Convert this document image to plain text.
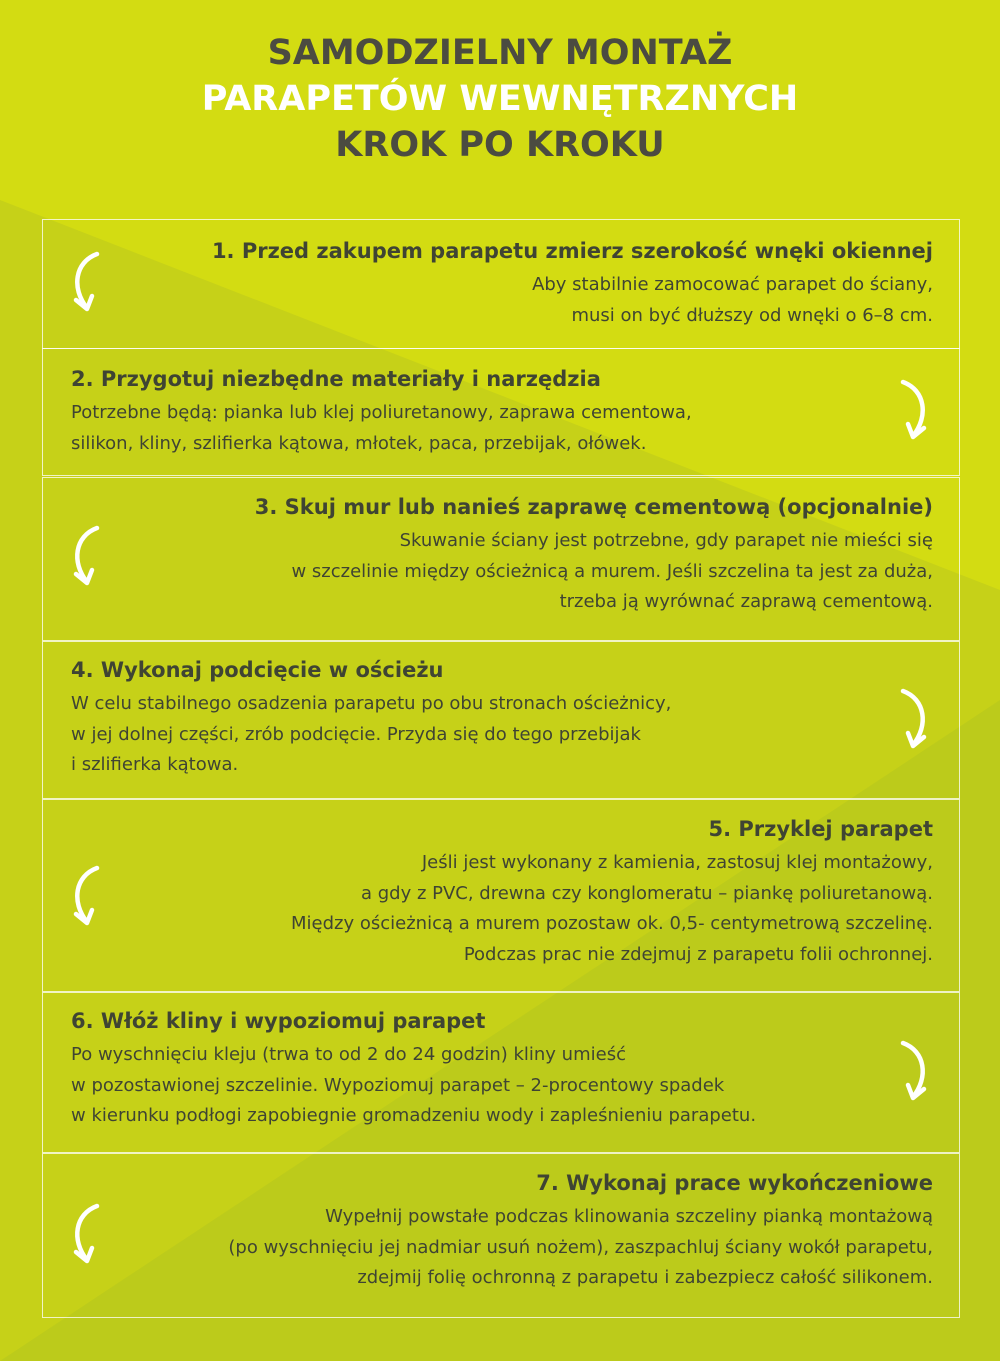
SAMODZIELNY MONTAŻ
PARAPETÓW WEWNĘTRZNYCH
KROK PO KROKU
1. Przed zakupem parapetu zmierz szerokość wnęki okiennej
Aby stabilnie zamocować parapet do ściany,
musi on być dłuższy od wnęki o 6–8 cm.
2. Przygotuj niezbędne materiały i narzędzia
Potrzebne będą: pianka lub klej poliuretanowy, zaprawa cementowa,
silikon, kliny, szlifierka kątowa, młotek, paca, przebijak, ołówek.
3. Skuj mur lub nanieś zaprawę cementową (opcjonalnie)
Skuwanie ściany jest potrzebne, gdy parapet nie mieści się
w szczelinie między ościeżnicą a murem. Jeśli szczelina ta jest za duża,
trzeba ją wyrównać zaprawą cementową.
4. Wykonaj podcięcie w ościeżu
W celu stabilnego osadzenia parapetu po obu stronach ościeżnicy,
w jej dolnej części, zrób podcięcie. Przyda się do tego przebijak
i szlifierka kątowa.
5. Przyklej parapet
Jeśli jest wykonany z kamienia, zastosuj klej montażowy,
a gdy z PVC, drewna czy konglomeratu – piankę poliuretanową.
Między ościeżnicą a murem pozostaw ok. 0,5- centymetrową szczelinę.
Podczas prac nie zdejmuj z parapetu folii ochronnej.
6. Włóż kliny i wypoziomuj parapet
Po wyschnięciu kleju (trwa to od 2 do 24 godzin) kliny umieść
w pozostawionej szczelinie. Wypoziomuj parapet – 2-procentowy spadek
w kierunku podłogi zapobiegnie gromadzeniu wody i zapleśnieniu parapetu.
7. Wykonaj prace wykończeniowe
Wypełnij powstałe podczas klinowania szczeliny pianką montażową
(po wyschnięciu jej nadmiar usuń nożem), zaszpachluj ściany wokół parapetu,
zdejmij folię ochronną z parapetu i zabezpiecz całość silikonem.
